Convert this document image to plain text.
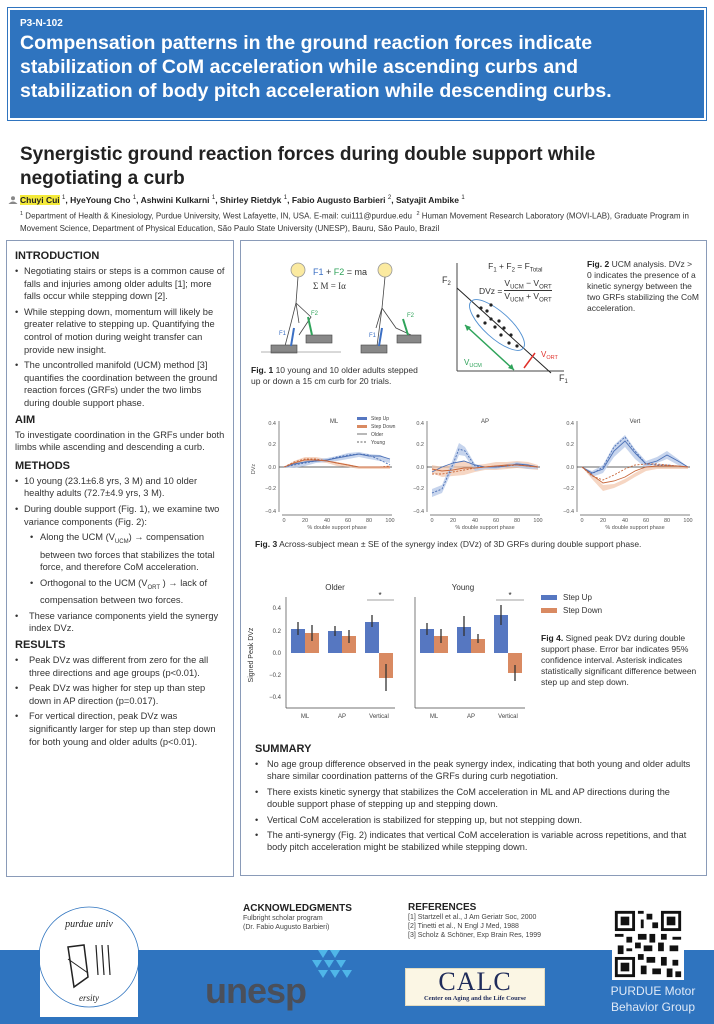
P3-N-102
Compensation patterns in the ground reaction forces indicate stabilization of CoM acceleration while ascending curbs and stabilization of body pitch acceleration while descending curbs.
Synergistic ground reaction forces during double support while negotiating a curb
Chuyi Cui $^1$, HyeYoung Cho $^1$, Ashwini Kulkarni $^1$, Shirley Rietdyk $^1$, Fabio Augusto Barbieri $^2$, Satyajit Ambike $^1$
$^1$ Department of Health & Kinesiology, Purdue University, West Lafayette, IN, USA. E-mail: cui111@purdue.edu $^2$ Human Movement Research Laboratory (MOVI-LAB), Graduate Program in Movement Science, Department of Physical Education, São Paulo State University (UNESP), Bauru, São Paulo, Brazil
INTRODUCTION
• Negotiating stairs or steps is a common cause of falls and injuries among older adults [1]; more falls occur while stepping down [2].
• While stepping down, momentum will likely be greater relative to stepping up. Quantifying the control of motion during weight transfer can provide new insight.
• The uncontrolled manifold (UCM) method [3] quantifies the coordination between the ground reaction forces (GRFs) under the two limbs during double support phase.
AIM
To investigate coordination in the GRFs under both limbs while ascending and descending a curb.
METHODS
• 10 young (23.1±6.8 yrs, 3 M) and 10 older healthy adults (72.7±4.9 yrs, 3 M).
• During double support (Fig. 1), we examine two variance components (Fig. 2):
• Along the UCM $(V_{UCM})$ → compensation between two forces that stabilizes the total force, and therefore CoM acceleration.
• Orthogonal to the UCM ($V_{ORT}$ ) → lack of compensation between two forces.
• These variance components yield the synergy index DVz.
RESULTS
• Peak DVz was different from zero for the all three directions and age groups (p<0.01).
• Peak DVz was higher for step up than step down in AP direction (p=0.017).
• For vertical direction, peak DVz was significantly larger for step up than step down for both young and older adults (p<0.01).
F1
F2
F1
F2
F1 + F2 = ma
Σ M = Iα
Fig. 1 10 young and 10 older adults stepped up or down a 15 cm curb for 20 trials.
$V_{UCM}$
$V_{ORT}$
$F_2$
$F_1$
$F_1 + F_2 = F_{Total}$
DVz =
$V_{UCM} - V_{ORT}$
$V_{UCM} + V_{ORT}$
Fig. 2 UCM analysis. DVz > 0 indicates the presence of a kinetic synergy between the two GRFs stabilizing the CoM acceleration.
ML
DVz
Step Up
Step Down
Older
Young
AP	Vert
Fig. 3 Across-subject mean ± SE of the synergy index (DVz) of 3D GRFs during double support phase.
Signed Peak DVz
Older
0.4
0.2
0.0
−0.2
−0.4
*
ML	AP	Vertical
Young
*
ML	AP	Vertical
Step Up
Step Down
Fig 4. Signed peak DVz during double support phase. Error bar indicates 95% confidence interval. Asterisk indicates statistically significant difference between step up and step down.
SUMMARY
• No age group difference observed in the peak synergy index, indicating that both young and older adults share similar coordination patterns of the GRFs during curb negotiation.
• There exists kinetic synergy that stabilizes the CoM acceleration in ML and AP directions during the double support phase of stepping up and stepping down.
• Vertical CoM acceleration is stabilized for stepping up, but not stepping down.
• The anti-synergy (Fig. 2) indicates that vertical CoM acceleration is variable across repetitions, and that body pitch acceleration might be stabilized while stepping down.
purdue univ
ersity
ACKNOWLEDGMENTS
Fulbright scholar program
(Dr. Fabio Augusto Barbieri)
unesp
REFERENCES
[1] Startzell et al., J Am Geriatr Soc, 2000
[2] Tinetti et al., N Engl J Med, 1988
[3] Scholz & Schöner, Exp Brain Res, 1999
CALC
Center on Aging and the Life Course
PURDUE Motor
Behavior Group
